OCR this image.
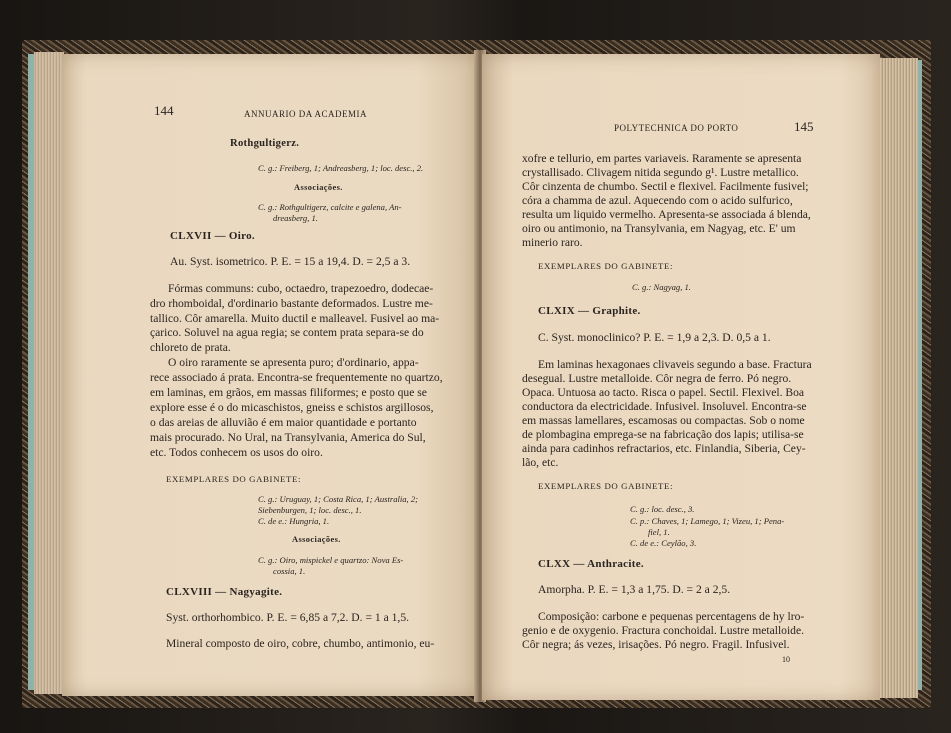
144	ANNUARIO DA ACADEMIA
Rothgultigerz.
C. g.: Freiberg, 1; Andreasberg, 1; loc. desc., 2.
Associações.
C. g.: Rothgultigerz, calcite e galena, An-
dreasberg, 1.
CLXVII — Oiro.
Au. Syst. isometrico. P. E. = 15 a 19,4. D. = 2,5 a 3.
Fórmas communs: cubo, octaedro, trapezoedro, dodecae-
dro rhomboidal, d'ordinario bastante deformados. Lustre me-
tallico. Côr amarella. Muito ductil e malleavel. Fusivel ao ma-
çarico. Soluvel na agua regia; se contem prata separa-se do
chloreto de prata.
O oiro raramente se apresenta puro; d'ordinario, appa-
rece associado á prata. Encontra-se frequentemente no quartzo,
em laminas, em grãos, em massas filiformes; e posto que se
explore esse é o do micaschistos, gneiss e schistos argillosos,
o das areias de alluvião é em maior quantidade e portanto
mais procurado. No Ural, na Transylvania, America do Sul,
etc. Todos conhecem os usos do oiro.
EXEMPLARES DO GABINETE:
C. g.: Uruguay, 1; Costa Rica, 1; Australia, 2;
Siebenburgen, 1; loc. desc., 1.
C. de e.: Hungria, 1.
Associações.
C. g.: Oiro, mispickel e quartzo: Nova Es-
cossia, 1.
CLXVIII — Nagyagite.
Syst. orthorhombico. P. E. = 6,85 a 7,2. D. = 1 a 1,5.
Mineral composto de oiro, cobre, chumbo, antimonio, eu-
POLYTECHNICA DO PORTO	145
xofre e tellurio, em partes variaveis. Raramente se apresenta
crystallisado. Clivagem nitida segundo g¹. Lustre metallico.
Côr cinzenta de chumbo. Sectil e flexivel. Facilmente fusivel;
córa a chamma de azul. Aquecendo com o acido sulfurico,
resulta um liquido vermelho. Apresenta-se associada á blenda,
oiro ou antimonio, na Transylvania, em Nagyag, etc. E' um
minerio raro.
EXEMPLARES DO GABINETE:
C. g.: Nagyag, 1.
CLXIX — Graphite.
C. Syst. monoclinico? P. E. = 1,9 a 2,3. D. 0,5 a 1.
Em laminas hexagonaes clivaveis segundo a base. Fractura
desegual. Lustre metalloide. Côr negra de ferro. Pó negro.
Opaca. Untuosa ao tacto. Risca o papel. Sectil. Flexivel. Boa
conductora da electricidade. Infusivel. Insoluvel. Encontra-se
em massas lamellares, escamosas ou compactas. Sob o nome
de plombagina emprega-se na fabricação dos lapis; utilisa-se
ainda para cadinhos refractarios, etc. Finlandia, Siberia, Cey-
lão, etc.
EXEMPLARES DO GABINETE:
C. g.: loc. desc., 3.
C. p.: Chaves, 1; Lamego, 1; Vizeu, 1; Pena-
fiel, 1.
C. de e.: Ceylão, 3.
CLXX — Anthracite.
Amorpha. P. E. = 1,3 a 1,75. D. = 2 a 2,5.
Composição: carbone e pequenas percentagens de hy lro-
genio e de oxygenio. Fractura conchoidal. Lustre metalloide.
Côr negra; ás vezes, irisações. Pó negro. Fragil. Infusivel.
10
